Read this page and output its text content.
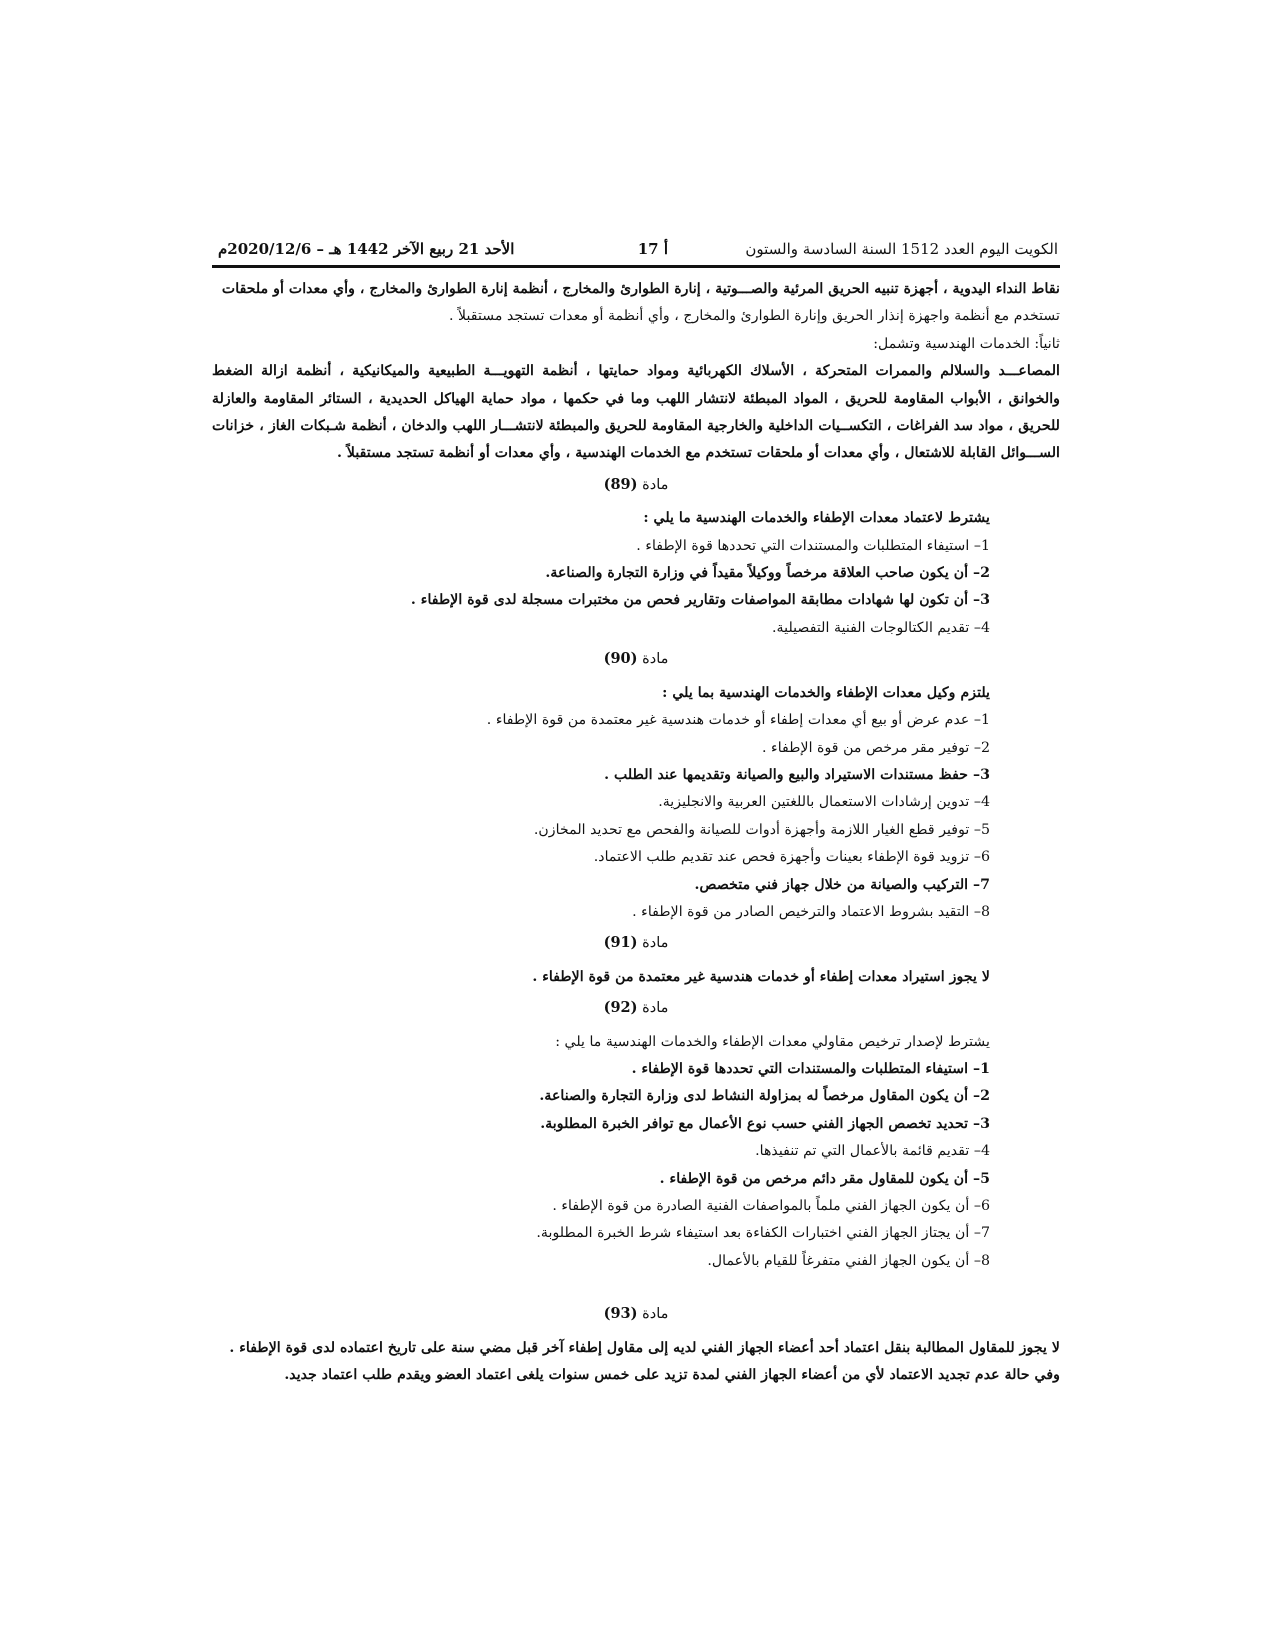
الكويت اليوم العدد 1512 السنة السادسة والستون
أ 17
الأحد 21 ربيع الآخر 1442 هـ – 2020/12/6م

نقاط النداء اليدوية ، أجهزة تنبيه الحريق المرئية والصـــوتية ، إنارة الطوارئ والمخارج ، أنظمة إنارة الطوارئ والمخارج ، وأي معدات أو ملحقات

تستخدم مع أنظمة واجهزة إنذار الحريق وإنارة الطوارئ والمخارج ، وأي أنظمة أو معدات تستجد مستقبلاً .

ثانياً: الخدمات الهندسية وتشمل:

المصاعـــد والسلالم والممرات المتحركة ، الأسلاك الكهربائية ومواد حمايتها ، أنظمة التهويـــة الطبيعية والميكانيكية ، أنظمة ازالة الضغط والخوانق ، الأبواب المقاومة للحريق ، المواد المبطئة لانتشار اللهب وما في حكمها ، مواد حماية الهياكل الحديدية ، الستائر المقاومة والعازلة للحريق ، مواد سد الفراغات ، التكســيات الداخلية والخارجية المقاومة للحريق والمبطئة لانتشـــار اللهب والدخان ، أنظمة شـبكات الغاز ، خزانات الســـوائل القابلة للاشتعال ، وأي معدات أو ملحقات تستخدم مع الخدمات الهندسية ، وأي معدات أو أنظمة تستجد مستقبلاً .

مادة (89)

يشترط لاعتماد معدات الإطفاء والخدمات الهندسية ما يلي :

1– استيفاء المتطلبات والمستندات التي تحددها قوة الإطفاء .

2– أن يكون صاحب العلاقة مرخصاً ووكيلاً مقيداً في وزارة التجارة والصناعة.

3– أن تكون لها شهادات مطابقة المواصفات وتقارير فحص من مختبرات مسجلة لدى قوة الإطفاء .

4– تقديم الكتالوجات الفنية التفصيلية.

مادة (90)

يلتزم وكيل معدات الإطفاء والخدمات الهندسية بما يلي :

1– عدم عرض أو بيع أي معدات إطفاء أو خدمات هندسية غير معتمدة من قوة الإطفاء .

2– توفير مقر مرخص من قوة الإطفاء .

3– حفظ مستندات الاستيراد والبيع والصيانة وتقديمها عند الطلب .

4– تدوين إرشادات الاستعمال باللغتين العربية والانجليزية.

5– توفير قطع الغيار اللازمة وأجهزة أدوات للصيانة والفحص مع تحديد المخازن.

6– تزويد قوة الإطفاء بعينات وأجهزة فحص عند تقديم طلب الاعتماد.

7– التركيب والصيانة من خلال جهاز فني متخصص.

8– التقيد بشروط الاعتماد والترخيص الصادر من قوة الإطفاء .

مادة (91)

لا يجوز استيراد معدات إطفاء أو خدمات هندسية غير معتمدة من قوة الإطفاء .

مادة (92)

يشترط لإصدار ترخيص مقاولي معدات الإطفاء والخدمات الهندسية ما يلي :

1– استيفاء المتطلبات والمستندات التي تحددها قوة الإطفاء .

2– أن يكون المقاول مرخصاً له بمزاولة النشاط لدى وزارة التجارة والصناعة.

3– تحديد تخصص الجهاز الفني حسب نوع الأعمال مع توافر الخبرة المطلوبة.

4– تقديم قائمة بالأعمال التي تم تنفيذها.

5– أن يكون للمقاول مقر دائم مرخص من قوة الإطفاء .

6– أن يكون الجهاز الفني ملماً بالمواصفات الفنية الصادرة من قوة الإطفاء .

7– أن يجتاز الجهاز الفني اختبارات الكفاءة بعد استيفاء شرط الخبرة المطلوبة.

8– أن يكون الجهاز الفني متفرغاً للقيام بالأعمال.

مادة (93)

لا يجوز للمقاول المطالبة بنقل اعتماد أحد أعضاء الجهاز الفني لديه إلى مقاول إطفاء آخر قبل مضي سنة على تاريخ اعتماده لدى قوة الإطفاء .

وفي حالة عدم تجديد الاعتماد لأي من أعضاء الجهاز الفني لمدة تزيد على خمس سنوات يلغى اعتماد العضو ويقدم طلب اعتماد جديد.
